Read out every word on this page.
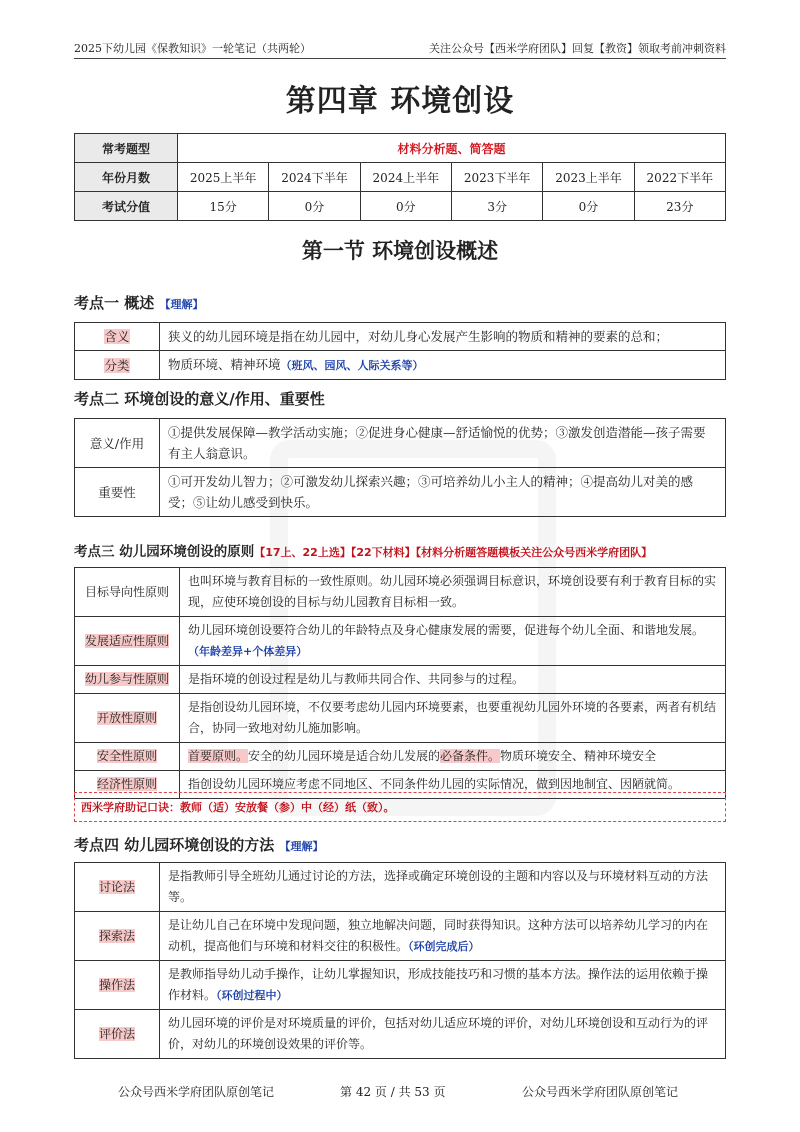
2025下幼儿园《保教知识》一轮笔记（共两轮）	关注公众号【西米学府团队】回复【教资】领取考前冲刺资料
第四章 环境创设
常考题型	材料分析题、简答题					
年份月数	2025上半年	2024下半年	2024上半年	2023下半年	2023上半年	2022下半年
考试分值	15分	0分	0分	3分	0分	23分
第一节 环境创设概述
考点一 概述 【理解】
含义	狭义的幼儿园环境是指在幼儿园中，对幼儿身心发展产生影响的物质和精神的要素的总和；
分类	物质环境、精神环境（班风、园风、人际关系等）
考点二 环境创设的意义/作用、重要性
意义/作用	①提供发展保障—教学活动实施；②促进身心健康—舒适愉悦的优势；③激发创造潜能—孩子需要有主人翁意识。
重要性	①可开发幼儿智力；②可激发幼儿探索兴趣；③可培养幼儿小主人的精神；④提高幼儿对美的感受；⑤让幼儿感受到快乐。
考点三 幼儿园环境创设的原则【17上、22上选】【22下材料】【材料分析题答题模板关注公众号西米学府团队】
目标导向性原则	也叫环境与教育目标的一致性原则。幼儿园环境必须强调目标意识，环境创设要有利于教育目标的实现，应使环境创设的目标与幼儿园教育目标相一致。
发展适应性原则	幼儿园环境创设要符合幼儿的年龄特点及身心健康发展的需要，促进每个幼儿全面、和谐地发展。（年龄差异+个体差异）
幼儿参与性原则	是指环境的创设过程是幼儿与教师共同合作、共同参与的过程。
开放性原则	是指创设幼儿园环境，不仅要考虑幼儿园内环境要素，也要重视幼儿园外环境的各要素，两者有机结合，协同一致地对幼儿施加影响。
安全性原则	首要原则。安全的幼儿园环境是适合幼儿发展的必备条件。物质环境安全、精神环境安全
经济性原则	指创设幼儿园环境应考虑不同地区、不同条件幼儿园的实际情况，做到因地制宜、因陋就简。
西米学府助记口诀：教师（适）安放餐（参）中（经）纸（致）。
考点四 幼儿园环境创设的方法 【理解】
讨论法	是指教师引导全班幼儿通过讨论的方法，选择或确定环境创设的主题和内容以及与环境材料互动的方法等。
探索法	是让幼儿自己在环境中发现问题，独立地解决问题，同时获得知识。这种方法可以培养幼儿学习的内在动机，提高他们与环境和材料交往的积极性。（环创完成后）
操作法	是教师指导幼儿动手操作，让幼儿掌握知识，形成技能技巧和习惯的基本方法。操作法的运用依赖于操作材料。（环创过程中）
评价法	幼儿园环境的评价是对环境质量的评价，包括对幼儿适应环境的评价，对幼儿环境创设和互动行为的评价，对幼儿的环境创设效果的评价等。
公众号西米学府团队原创笔记	第 42 页 / 共 53 页	公众号西米学府团队原创笔记
